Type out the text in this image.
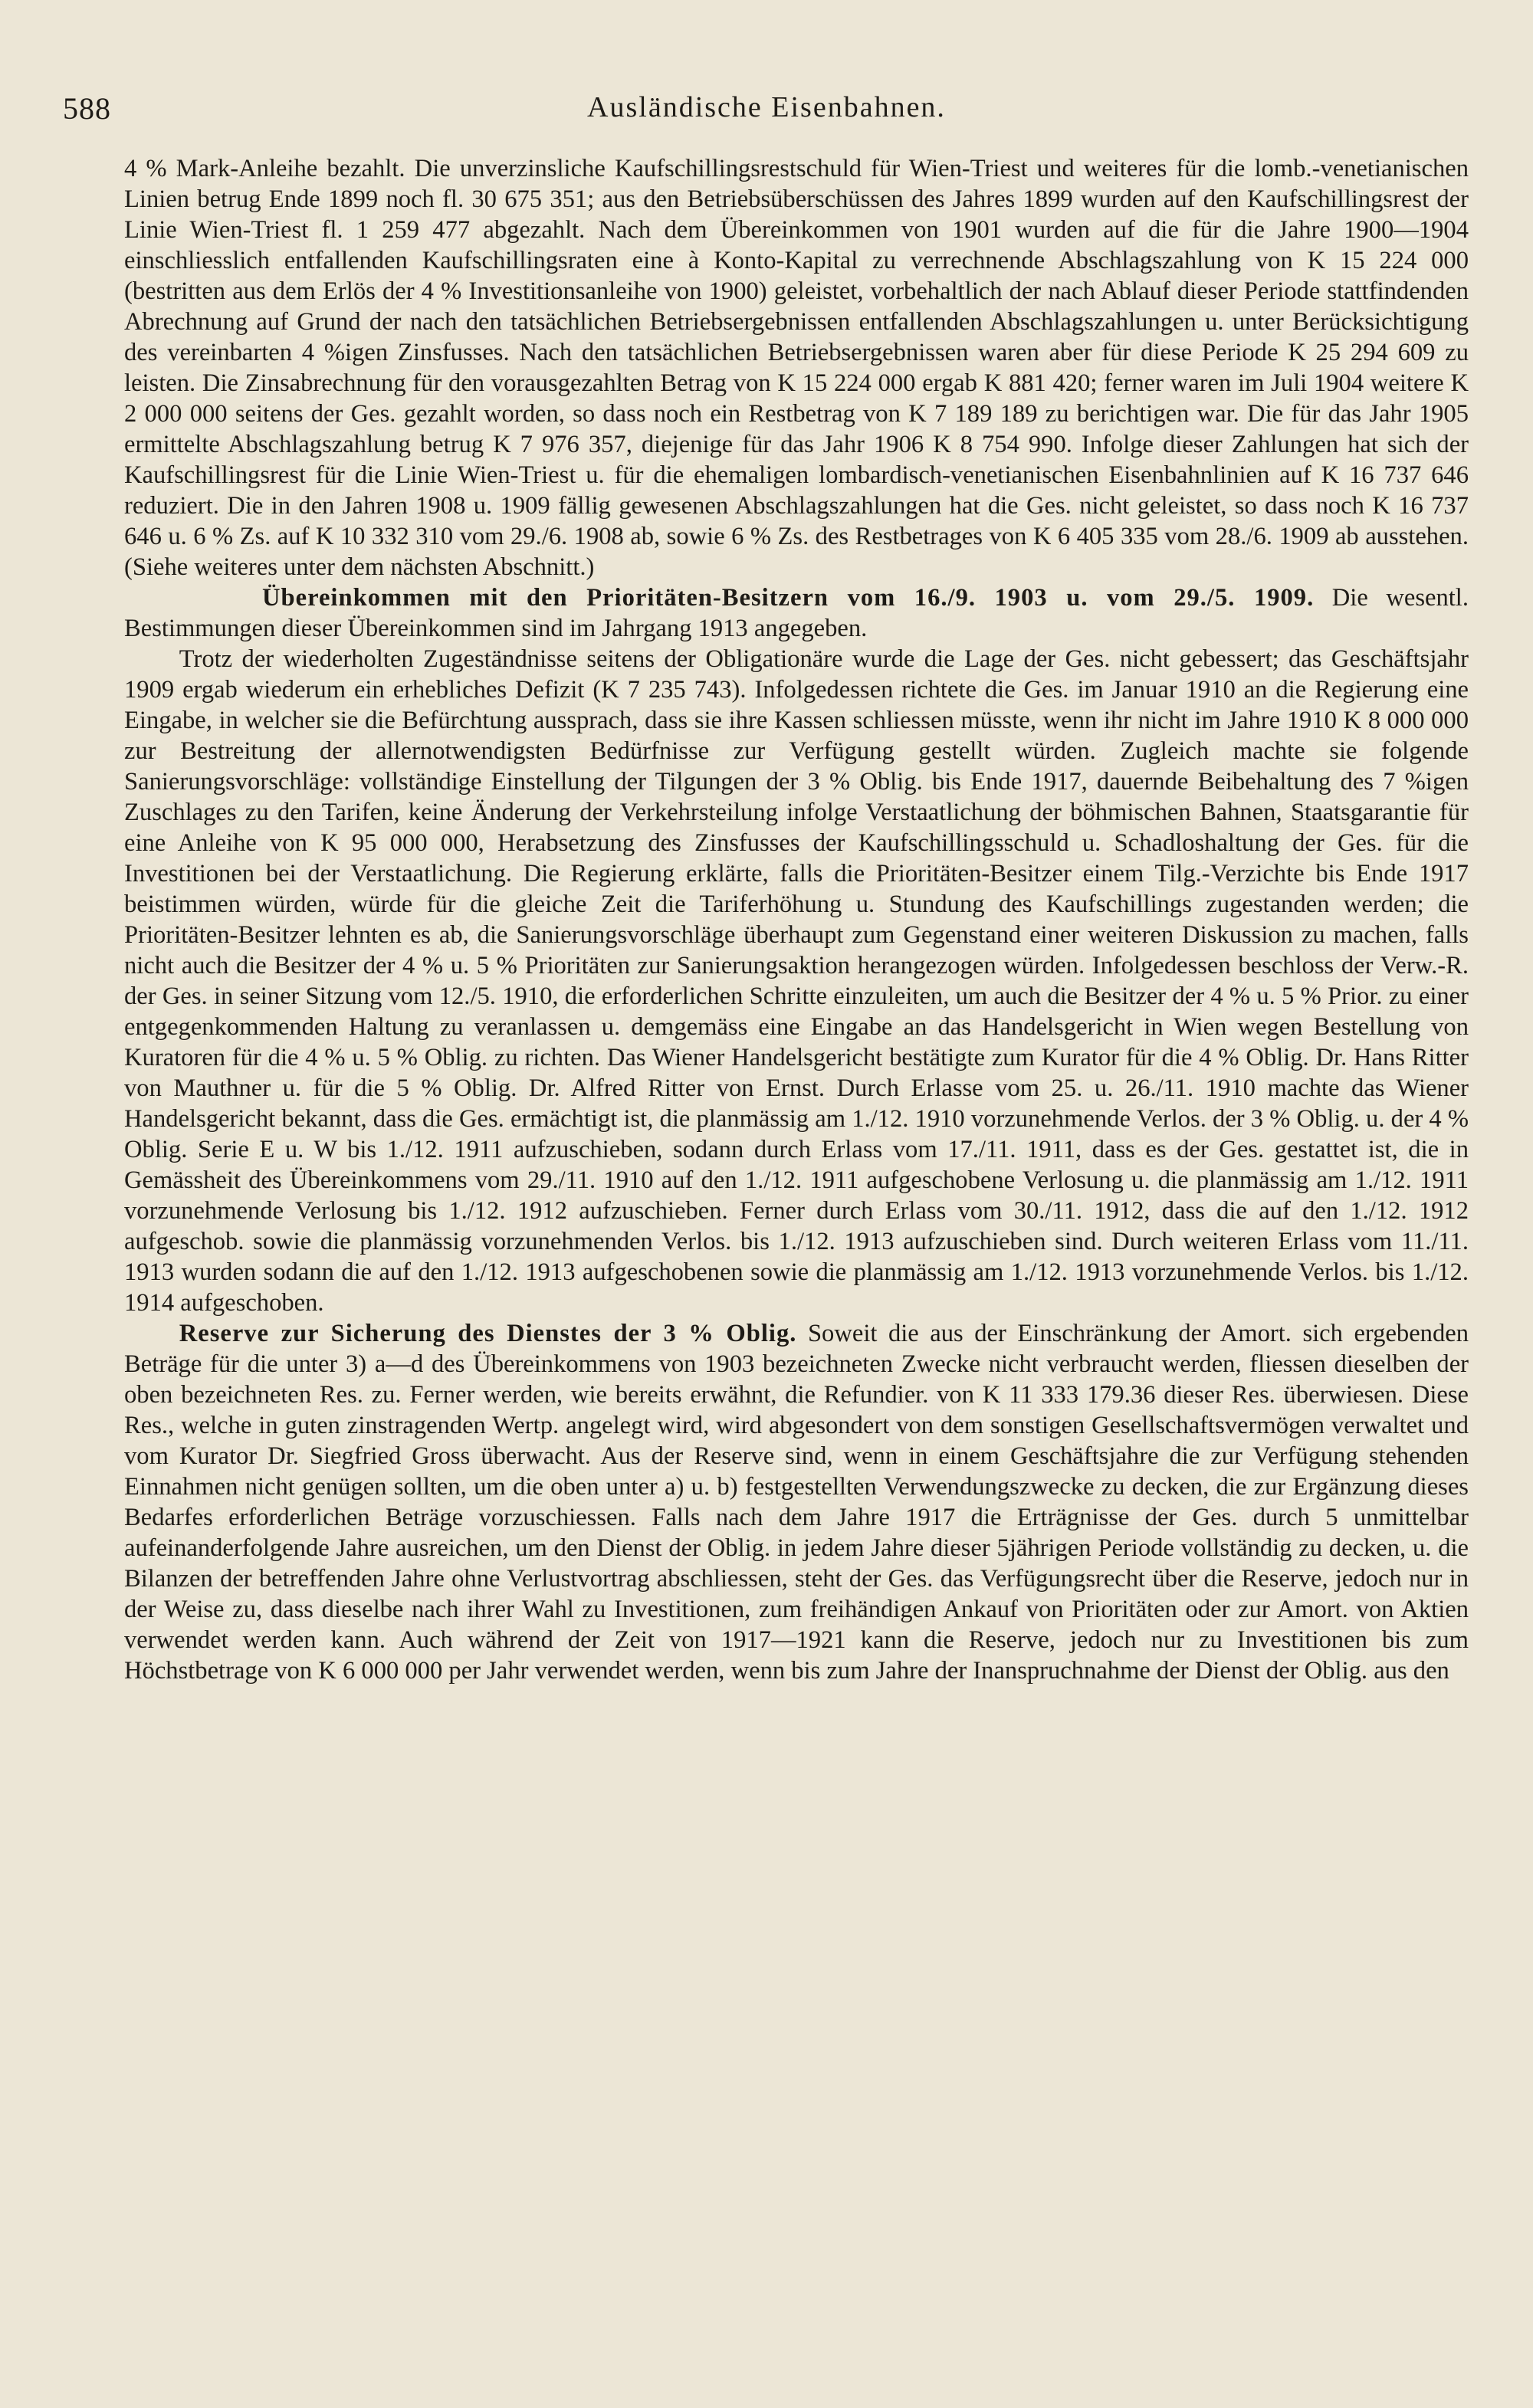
588	Ausländische Eisenbahnen.

4 % Mark-Anleihe bezahlt. Die unverzinsliche Kaufschillingsrestschuld für Wien-Triest und weiteres für die lomb.-venetianischen Linien betrug Ende 1899 noch fl. 30 675 351; aus den Betriebsüberschüssen des Jahres 1899 wurden auf den Kaufschillingsrest der Linie Wien-Triest fl. 1 259 477 abgezahlt. Nach dem Übereinkommen von 1901 wurden auf die für die Jahre 1900—1904 einschliesslich entfallenden Kaufschillingsraten eine à Konto-Kapital zu verrechnende Abschlagszahlung von K 15 224 000 (bestritten aus dem Erlös der 4 % Investitionsanleihe von 1900) geleistet, vorbehaltlich der nach Ablauf dieser Periode stattfindenden Abrechnung auf Grund der nach den tatsächlichen Betriebsergebnissen entfallenden Abschlagszahlungen u. unter Berücksichtigung des vereinbarten 4 %igen Zinsfusses. Nach den tatsächlichen Betriebsergebnissen waren aber für diese Periode K 25 294 609 zu leisten. Die Zinsabrechnung für den vorausgezahlten Betrag von K 15 224 000 ergab K 881 420; ferner waren im Juli 1904 weitere K 2 000 000 seitens der Ges. gezahlt worden, so dass noch ein Restbetrag von K 7 189 189 zu berichtigen war. Die für das Jahr 1905 ermittelte Abschlagszahlung betrug K 7 976 357, diejenige für das Jahr 1906 K 8 754 990. Infolge dieser Zahlungen hat sich der Kaufschillingsrest für die Linie Wien-Triest u. für die ehemaligen lombardisch-venetianischen Eisenbahnlinien auf K 16 737 646 reduziert. Die in den Jahren 1908 u. 1909 fällig gewesenen Abschlagszahlungen hat die Ges. nicht geleistet, so dass noch K 16 737 646 u. 6 % Zs. auf K 10 332 310 vom 29./6. 1908 ab, sowie 6 % Zs. des Restbetrages von K 6 405 335 vom 28./6. 1909 ab ausstehen. (Siehe weiteres unter dem nächsten Abschnitt.)

Übereinkommen mit den Prioritäten-Besitzern vom 16./9. 1903 u. vom 29./5. 1909. Die wesentl. Bestimmungen dieser Übereinkommen sind im Jahrgang 1913 angegeben.

Trotz der wiederholten Zugeständnisse seitens der Obligationäre wurde die Lage der Ges. nicht gebessert; das Geschäftsjahr 1909 ergab wiederum ein erhebliches Defizit (K 7 235 743). Infolgedessen richtete die Ges. im Januar 1910 an die Regierung eine Eingabe, in welcher sie die Befürchtung aussprach, dass sie ihre Kassen schliessen müsste, wenn ihr nicht im Jahre 1910 K 8 000 000 zur Bestreitung der allernotwendigsten Bedürfnisse zur Verfügung gestellt würden. Zugleich machte sie folgende Sanierungsvorschläge: vollständige Einstellung der Tilgungen der 3 % Oblig. bis Ende 1917, dauernde Beibehaltung des 7 %igen Zuschlages zu den Tarifen, keine Änderung der Verkehrsteilung infolge Verstaatlichung der böhmischen Bahnen, Staatsgarantie für eine Anleihe von K 95 000 000, Herabsetzung des Zinsfusses der Kaufschillingsschuld u. Schadloshaltung der Ges. für die Investitionen bei der Verstaatlichung. Die Regierung erklärte, falls die Prioritäten-Besitzer einem Tilg.-Verzichte bis Ende 1917 beistimmen würden, würde für die gleiche Zeit die Tariferhöhung u. Stundung des Kaufschillings zugestanden werden; die Prioritäten-Besitzer lehnten es ab, die Sanierungsvorschläge überhaupt zum Gegenstand einer weiteren Diskussion zu machen, falls nicht auch die Besitzer der 4 % u. 5 % Prioritäten zur Sanierungsaktion herangezogen würden. Infolgedessen beschloss der Verw.-R. der Ges. in seiner Sitzung vom 12./5. 1910, die erforderlichen Schritte einzuleiten, um auch die Besitzer der 4 % u. 5 % Prior. zu einer entgegenkommenden Haltung zu veranlassen u. demgemäss eine Eingabe an das Handelsgericht in Wien wegen Bestellung von Kuratoren für die 4 % u. 5 % Oblig. zu richten. Das Wiener Handelsgericht bestätigte zum Kurator für die 4 % Oblig. Dr. Hans Ritter von Mauthner u. für die 5 % Oblig. Dr. Alfred Ritter von Ernst. Durch Erlasse vom 25. u. 26./11. 1910 machte das Wiener Handelsgericht bekannt, dass die Ges. ermächtigt ist, die planmässig am 1./12. 1910 vorzunehmende Verlos. der 3 % Oblig. u. der 4 % Oblig. Serie E u. W bis 1./12. 1911 aufzuschieben, sodann durch Erlass vom 17./11. 1911, dass es der Ges. gestattet ist, die in Gemässheit des Übereinkommens vom 29./11. 1910 auf den 1./12. 1911 aufgeschobene Verlosung u. die planmässig am 1./12. 1911 vorzunehmende Verlosung bis 1./12. 1912 aufzuschieben. Ferner durch Erlass vom 30./11. 1912, dass die auf den 1./12. 1912 aufgeschob. sowie die planmässig vorzunehmenden Verlos. bis 1./12. 1913 aufzuschieben sind. Durch weiteren Erlass vom 11./11. 1913 wurden sodann die auf den 1./12. 1913 aufgeschobenen sowie die planmässig am 1./12. 1913 vorzunehmende Verlos. bis 1./12. 1914 aufgeschoben.

Reserve zur Sicherung des Dienstes der 3 % Oblig. Soweit die aus der Einschränkung der Amort. sich ergebenden Beträge für die unter 3) a—d des Übereinkommens von 1903 bezeichneten Zwecke nicht verbraucht werden, fliessen dieselben der oben bezeichneten Res. zu. Ferner werden, wie bereits erwähnt, die Refundier. von K 11 333 179.36 dieser Res. überwiesen. Diese Res., welche in guten zinstragenden Wertp. angelegt wird, wird abgesondert von dem sonstigen Gesellschaftsvermögen verwaltet und vom Kurator Dr. Siegfried Gross überwacht. Aus der Reserve sind, wenn in einem Geschäftsjahre die zur Verfügung stehenden Einnahmen nicht genügen sollten, um die oben unter a) u. b) festgestellten Verwendungszwecke zu decken, die zur Ergänzung dieses Bedarfes erforderlichen Beträge vorzuschiessen. Falls nach dem Jahre 1917 die Erträgnisse der Ges. durch 5 unmittelbar aufeinanderfolgende Jahre ausreichen, um den Dienst der Oblig. in jedem Jahre dieser 5jährigen Periode vollständig zu decken, u. die Bilanzen der betreffenden Jahre ohne Verlustvortrag abschliessen, steht der Ges. das Verfügungsrecht über die Reserve, jedoch nur in der Weise zu, dass dieselbe nach ihrer Wahl zu Investitionen, zum freihändigen Ankauf von Prioritäten oder zur Amort. von Aktien verwendet werden kann. Auch während der Zeit von 1917—1921 kann die Reserve, jedoch nur zu Investitionen bis zum Höchstbetrage von K 6 000 000 per Jahr verwendet werden, wenn bis zum Jahre der Inanspruchnahme der Dienst der Oblig. aus den
